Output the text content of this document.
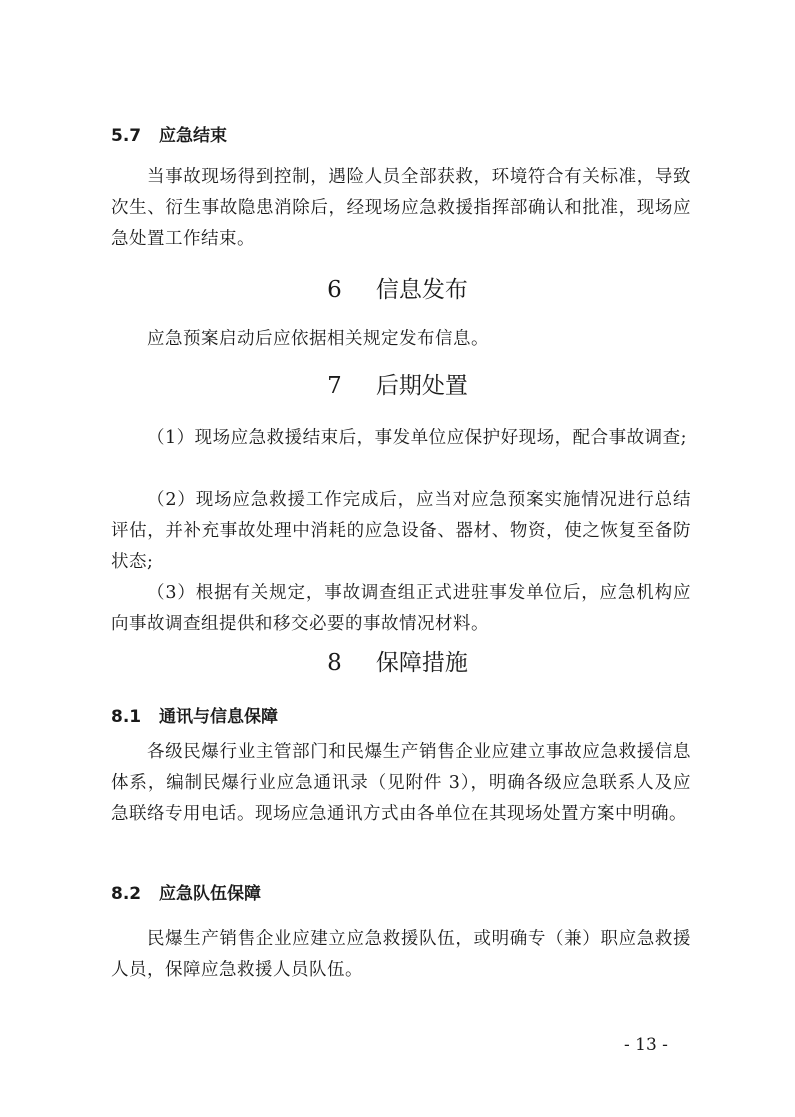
5.7 应急结束

当事故现场得到控制，遇险人员全部获救，环境符合有关标准，导致次生、衍生事故隐患消除后，经现场应急救援指挥部确认和批准，现场应急处置工作结束。

6 信息发布

应急预案启动后应依据相关规定发布信息。

7 后期处置

（1）现场应急救援结束后，事发单位应保护好现场，配合事故调查;

（2）现场应急救援工作完成后，应当对应急预案实施情况进行总结评估，并补充事故处理中消耗的应急设备、器材、物资，使之恢复至备防状态;

（3）根据有关规定，事故调查组正式进驻事发单位后，应急机构应向事故调查组提供和移交必要的事故情况材料。

8 保障措施
8.1 通讯与信息保障

各级民爆行业主管部门和民爆生产销售企业应建立事故应急救援信息体系，编制民爆行业应急通讯录（见附件 3），明确各级应急联系人及应急联络专用电话。现场应急通讯方式由各单位在其现场处置方案中明确。

8.2 应急队伍保障

民爆生产销售企业应建立应急救援队伍，或明确专（兼）职应急救援人员，保障应急救援人员队伍。

- 13 -
